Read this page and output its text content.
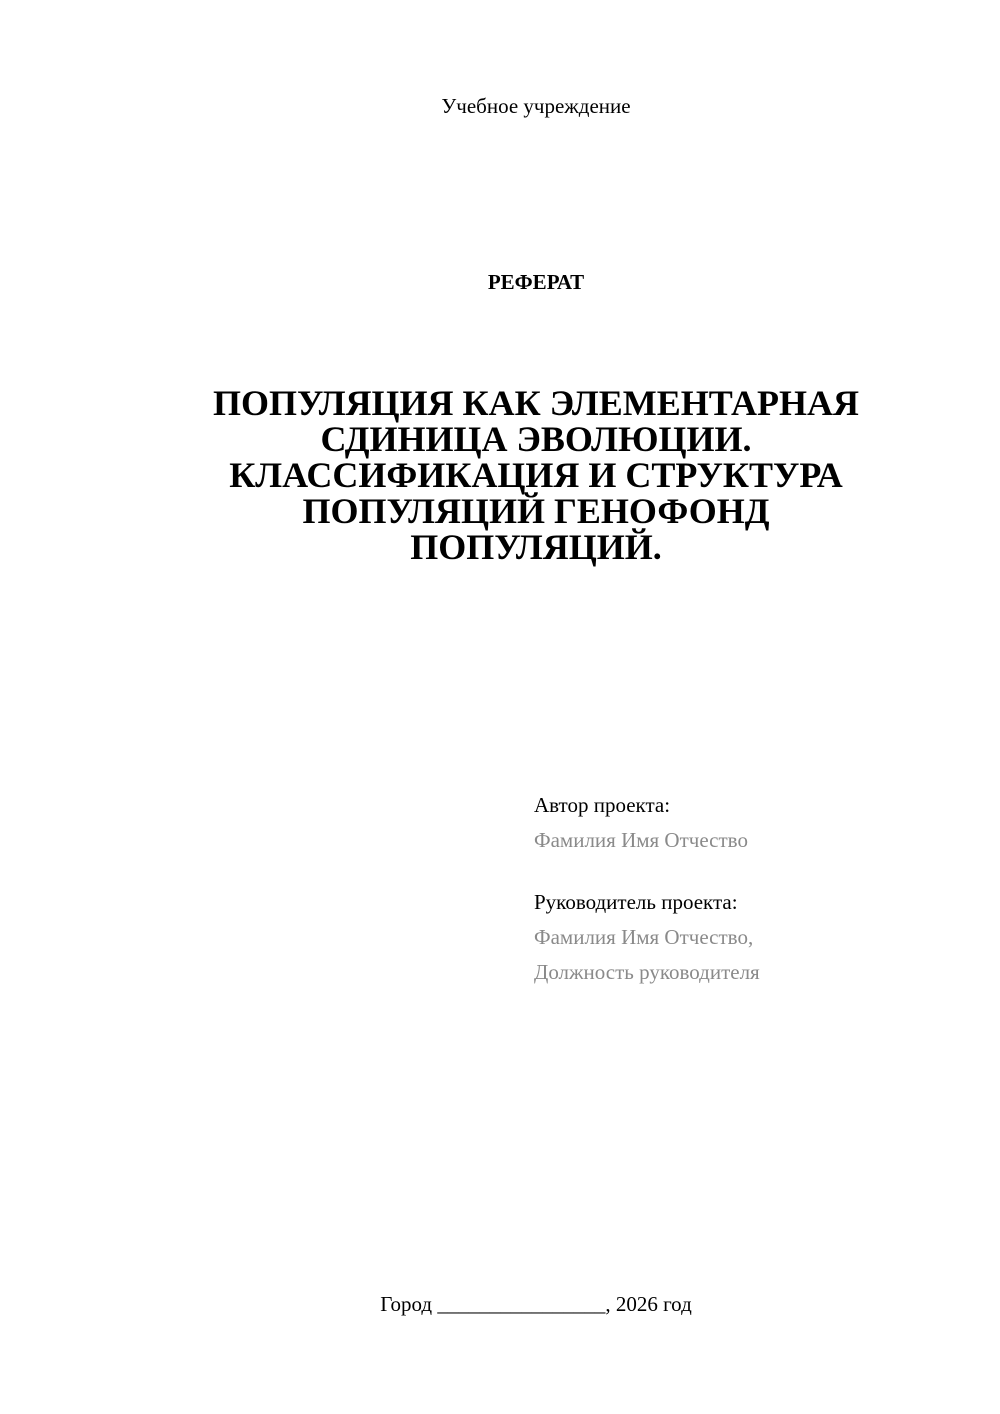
Учебное учреждение
РЕФЕРАТ
ПОПУЛЯЦИЯ КАК ЭЛЕМЕНТАРНАЯ
СДИНИЦА ЭВОЛЮЦИИ.
КЛАССИФИКАЦИЯ И СТРУКТУРА
ПОПУЛЯЦИЙ ГЕНОФОНД
ПОПУЛЯЦИЙ.
Автор проекта:
Фамилия Имя Отчество
Руководитель проекта:
Фамилия Имя Отчество,
Должность руководителя
Город ________________, 2026 год
